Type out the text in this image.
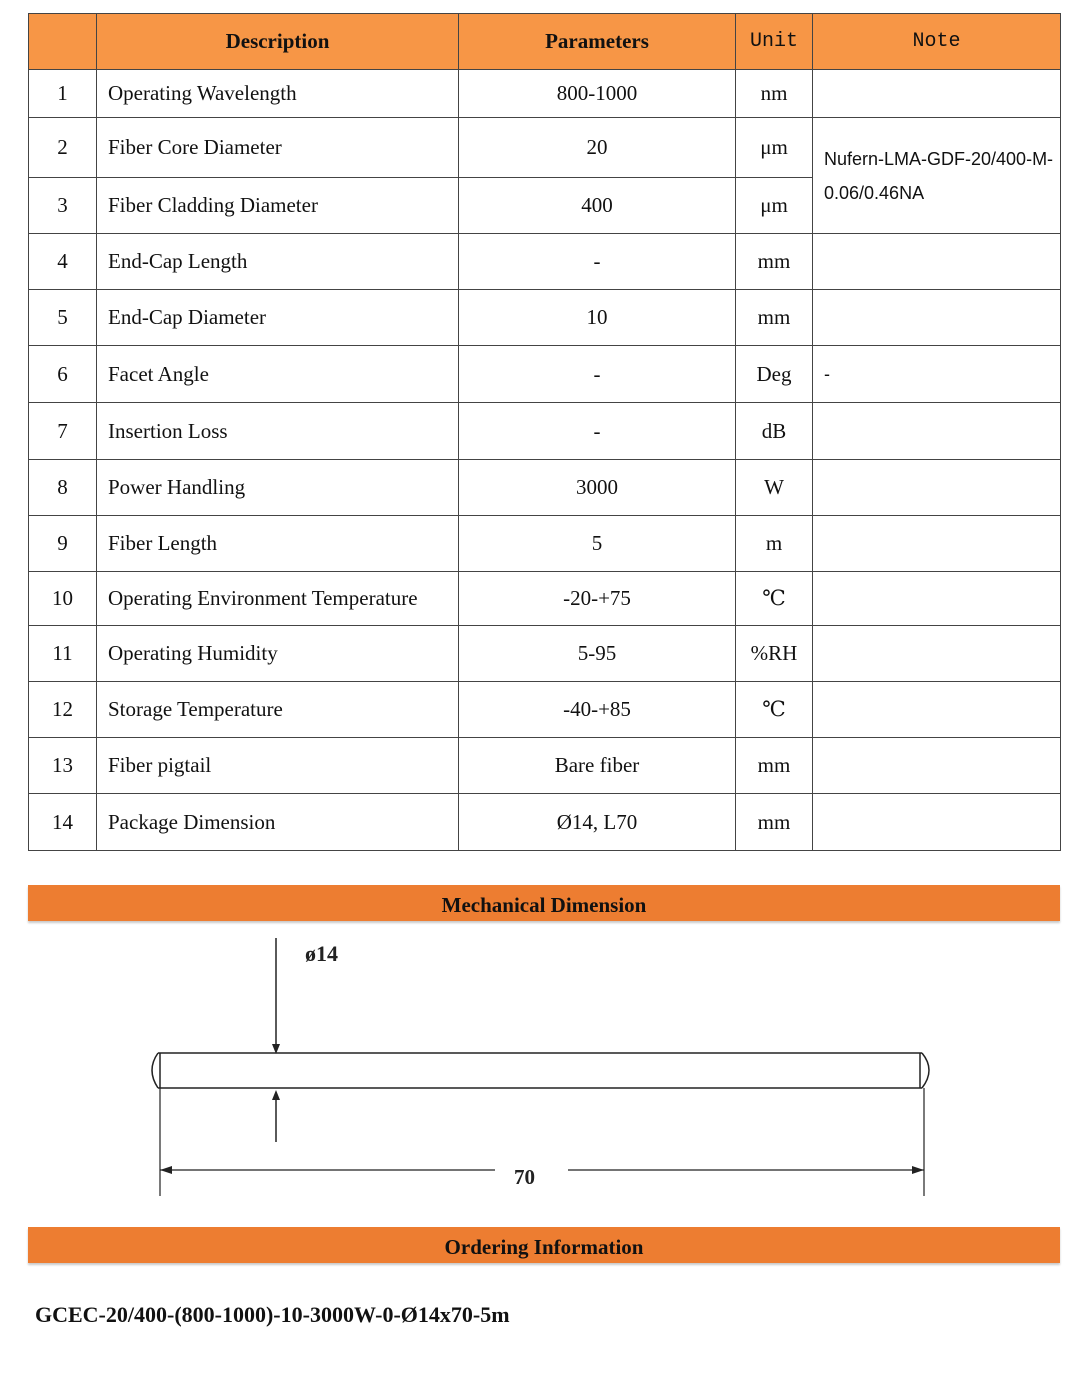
	Description	Parameters	Unit	Note
1	Operating Wavelength	800-1000	nm	
2	Fiber Core Diameter	20	μm	Nufern-LMA-GDF-20/400-M-0.06/0.46NA
3	Fiber Cladding Diameter	400	μm	
4	End-Cap Length	-	mm	
5	End-Cap Diameter	10	mm	
6	Facet Angle	-	Deg	-
7	Insertion Loss	-	dB	
8	Power Handling	3000	W	
9	Fiber Length	5	m	
10	Operating Environment Temperature	-20-+75	℃	
11	Operating Humidity	5-95	%RH	
12	Storage Temperature	-40-+85	℃	
13	Fiber pigtail	Bare fiber	mm	
14	Package Dimension	Ø14, L70	mm	
Mechanical Dimension
ø14
70
Ordering Information
GCEC-20/400-(800-1000)-10-3000W-0-Ø14x70-5m
